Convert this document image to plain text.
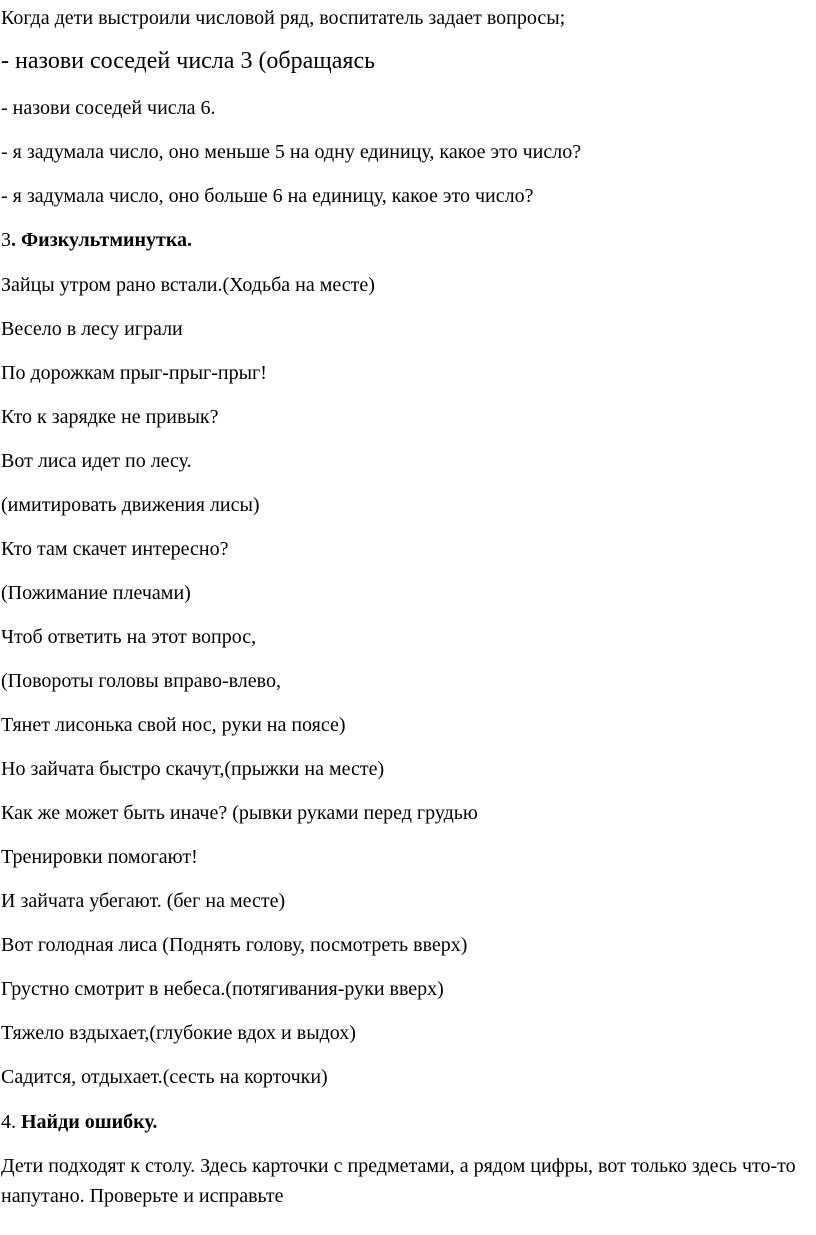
Когда дети выстроили числовой ряд, воспитатель задает вопросы;
- назови соседей числа 3 (обращаясь
- назови соседей числа 6.
- я задумала число, оно меньше 5 на одну единицу, какое это число?
- я задумала число, оно больше 6 на единицу, какое это число?
3. Физкультминутка.
Зайцы утром рано встали.(Ходьба на месте)
Весело в лесу играли
По дорожкам прыг-прыг-прыг!
Кто к зарядке не привык?
Вот лиса идет по лесу.
(имитировать движения лисы)
Кто там скачет интересно?
(Пожимание плечами)
Чтоб ответить на этот вопрос,
(Повороты головы вправо-влево,
Тянет лисонька свой нос, руки на поясе)
Но зайчата быстро скачут,(прыжки на месте)
Как же может быть иначе? (рывки руками перед грудью
Тренировки помогают!
И зайчата убегают. (бег на месте)
Вот голодная лиса (Поднять голову, посмотреть вверх)
Грустно смотрит в небеса.(потягивания-руки вверх)
Тяжело вздыхает,(глубокие вдох и выдох)
Садится, отдыхает.(сесть на корточки)
4. Найди ошибку.
Дети подходят к столу. Здесь карточки с предметами, а рядом цифры, вот только здесь что-то напутано. Проверьте и исправьте
